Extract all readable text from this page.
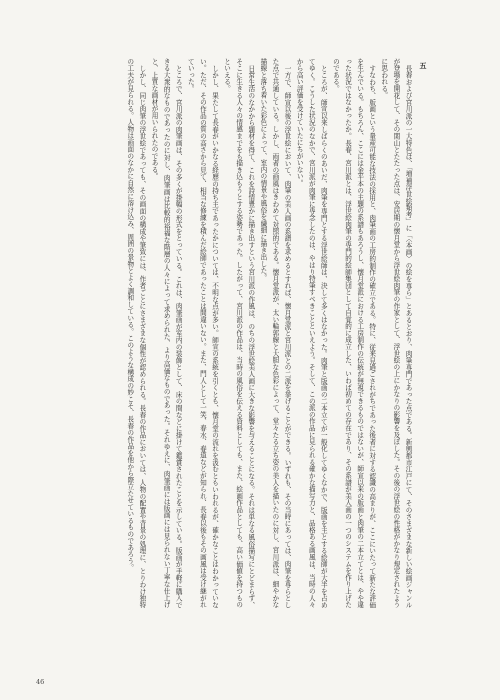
五

長春および宮川派の一大特色は、「増補浮世絵類考」に「〈本画〉の絵を専ら」とあるとおり、肉筆専門であった点である。新興都市江戸にて、そのさまざまな新しい絵画ジャンルが登場を開花して、その関山とたたった点は、安居期の懐月堂から浮世絵肉筆の作家として、浮世絵の上にかなりの影響を及ぼした。その後の浮世絵の性格がかなり規定されたように思われる。

すなわち、版画という量産可能な技法の採用と、肉筆画の工房的制作の確立である。特に、従来見過ごされがちであった後者に対する認識の高まりが、ここにいたって新たな評価を生んでいる。もちろん、ここには金平本の主題の系譜もあろうし、懐月堂派における工房制作の伝統が無視できるものではないが、師宣以来の版画と肉筆の二本立てとは、やや違った状況ではなかったか。長春、宮川派とは、浮世絵肉筆の専門的絵師集団として自覚的に成立した、いわば初めての存在であり、その系譜が美人画の一つのシステムを作り上げたのである。

ところが、師宣以来しばらくのあいだ、肉筆を専門とする浮世絵師は、決して多くはなかった。肉筆と版画の二本立てが一般化してゆくなかで、版画を主とする絵師が大半を占めてゆく。こうした状況のなかで、宮川派が肉筆に専念したのは、やはり特筆すべきことといえよう。そして、この派の作品に見られる確かな描写力と、品格ある画風は、当時の人々から高い評価を受けていたにちがいない。

一方で、師宣以後の浮世絵において、肉筆の美人画の系譜を求めるとすれば、懐月堂派と宮川派との二派を挙げることができる。いずれも、その当時にあっては、肉筆を専らとした点で共通している。しかし、両者の画風はきわめて対照的である。懐月堂派が、太い輪郭線と大胆な色彩によって、堂々たる立ち姿の美人を描いたのに対し、宮川派は、細やかな描線と落ち着いた彩色によって、室内の情景や風俗を繊細に描き出した。

日常生活のなかから題材を得て、これを詩情豊かに描き出すという宮川派の作風は、のちの浮世絵美人画に大きな影響を与えることになる。それは単なる風俗描写にとどまらず、そこに生きる人々の情感までをも描き込もうとする姿勢であった。したがって、宮川派の作品は、当時の風俗を伝える資料としても、また、絵画作品としても、高い価値を持つものといえる。

しかし、果たして長春がいかなる経歴の持ち主であったかについては、不明な点が多い。師宣の系統を引くとも、懐月堂の流れを汲むともいわれるが、確かなことはわかっていない。ただ、その作品の質の高さから見て、相当な修練を積んだ絵師であったことは間違いない。また、門人として一笑、春水、春道などが知られ、長春以後もその画風は受け継がれていった。

ところで、宮川派の肉筆画は、その多くが掛幅の形式をとっている。これは、肉筆画が室内の装飾として、床の間などに掛けて鑑賞されたことを示している。版画が手軽に購入できる大衆的なものであったのに対し、肉筆画は比較的裕福な階層の人々によって求められた、より高価なものであった。それゆえに、肉筆画には版画には見られない丁寧な仕上げと、上質な画材が用いられたのである。

しかし、同じ肉筆の浮世絵であっても、その画面の構成や筆致には、作者ごとにさまざまな個性が認められる。長春の作品においては、人物の配置や背景の処理に、とりわけ独特の工夫が見られる。人物は画面のなかに自然に溶け込み、周囲の景物とよく調和している。このような構成の妙こそ、長春の作品を他から際立たせているものであろう。

46
